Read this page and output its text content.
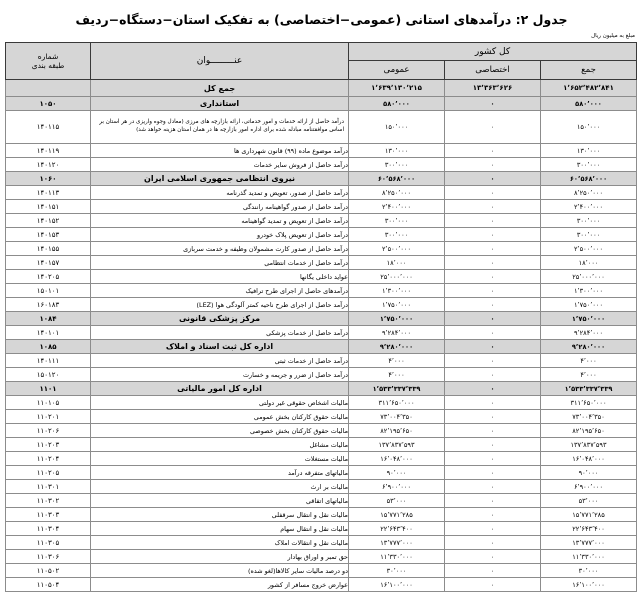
جدول ۲: درآمدهای استانی (عمومی−اختصاصی) به تفکیک استان−دستگاه−ردیف
مبلغ به میلیون ریال
کل کشور			عنـــــــــوان	شماره
طبقه بندی

جمع	اختصاصی	عمومی		
۱٬۶۵۲٬۴۸۲٬۸۴۱	۱۳٬۳۶۳٬۶۲۶	۱٬۶۳۹٬۱۳۰٬۲۱۵	جمع کل	
۵۸۰٬۰۰۰	۰	۵۸۰٬۰۰۰	استانداری	۱۰۵۰
۱۵۰٬۰۰۰	۰	۱۵۰٬۰۰۰	درآمد حاصل از ارائه خدمات و امور خدماتی، ارائه بازارچه های مرزی (معادل وجوه واریزی در هر استان بر اساس موافقتنامه مبادله شده برای اداره امور بازارچه ها در همان استان هزینه خواهد شد)	۱۴۰۱۱۵
۱۳۰٬۰۰۰	۰	۱۳۰٬۰۰۰	درآمد موضوع ماده (۹۹) قانون شهرداری ها	۱۴۰۱۱۹
۳۰۰٬۰۰۰	۰	۳۰۰٬۰۰۰	درآمد حاصل از فروش سایر خدمات	۱۴۰۱۲۰
۶۰٬۵۶۸٬۰۰۰	۰	۶۰٬۵۶۸٬۰۰۰	نیروی انتظامی جمهوری اسلامی ایران	۱۰۶۰
۸٬۲۵۰٬۰۰۰	۰	۸٬۲۵۰٬۰۰۰	درآمد حاصل از صدور، تعویض و تمدید گذرنامه	۱۴۰۱۱۳
۲٬۴۰۰٬۰۰۰	۰	۲٬۴۰۰٬۰۰۰	درآمد حاصل از صدور گواهینامه رانندگی	۱۴۰۱۵۱
۳۰۰٬۰۰۰	۰	۳۰۰٬۰۰۰	درآمد حاصل از تعویض و تمدید گواهینامه	۱۴۰۱۵۲
۳۰۰٬۰۰۰	۰	۳۰۰٬۰۰۰	درآمد حاصل از تعویض پلاک خودرو	۱۴۰۱۵۳
۲٬۵۰۰٬۰۰۰	۰	۲٬۵۰۰٬۰۰۰	درآمد حاصل از صدور کارت مشمولان وظیفه و خدمت سربازی	۱۴۰۱۵۵
۱۸٬۰۰۰	۰	۱۸٬۰۰۰	درآمد حاصل از خدمات انتظامی	۱۴۰۱۵۷
۲۵٬۰۰۰٬۰۰۰	۰	۲۵٬۰۰۰٬۰۰۰	عواید داخلی یگانها	۱۴۰۲۰۵
۱٬۳۰۰٬۰۰۰	۰	۱٬۳۰۰٬۰۰۰	درآمدهای حاصل از اجرای طرح ترافیک	۱۵۰۱۰۱
۱٬۷۵۰٬۰۰۰	۰	۱٬۷۵۰٬۰۰۰	درآمد حاصل از اجرای طرح ناحیه کمتر آلودگی هوا (LEZ)	۱۶۰۱۸۳
۱٬۷۵۰٬۰۰۰	۰	۱٬۷۵۰٬۰۰۰	مرکز پزشکی قانونی	۱۰۸۴
۹٬۲۸۴٬۰۰۰	۰	۹٬۲۸۴٬۰۰۰	درآمد حاصل از خدمات پزشکی	۱۴۰۱۰۱
۹٬۲۸۰٬۰۰۰	۰	۹٬۲۸۰٬۰۰۰	اداره کل ثبت اسناد و املاک	۱۰۸۵
۴٬۰۰۰	۰	۴٬۰۰۰	درآمد حاصل از خدمات ثبتی	۱۴۰۱۱۱
۴٬۰۰۰	۰	۴٬۰۰۰	درآمد حاصل از ضرر و جریمه و خسارت	۱۵۰۱۲۰
۱٬۵۳۳٬۳۳۷٬۳۳۹	۰	۱٬۵۳۳٬۳۳۷٬۳۳۹	اداره کل امور مالیاتی	۱۱۰۱
۳۱۱٬۶۵۰٬۰۰۰	۰	۳۱۱٬۶۵۰٬۰۰۰	مالیات اشخاص حقوقی غیر دولتی	۱۱۰۱۰۵
۷۳٬۰۰۴٬۳۵۰	۰	۷۳٬۰۰۴٬۳۵۰	مالیات حقوق کارکنان بخش عمومی	۱۱۰۲۰۱
۸۲٬۱۹۵٬۶۵۰	۰	۸۲٬۱۹۵٬۶۵۰	مالیات حقوق کارکنان بخش خصوصی	۱۱۰۲۰۶
۱۳۷٬۸۳۷٬۵۹۳	۰	۱۳۷٬۸۳۷٬۵۹۳	مالیات مشاغل	۱۱۰۲۰۳
۱۶٬۰۴۸٬۰۰۰	۰	۱۶٬۰۴۸٬۰۰۰	مالیات مستغلات	۱۱۰۲۰۴
۹۰٬۰۰۰	۰	۹۰٬۰۰۰	مالیاتهای متفرقه درآمد	۱۱۰۲۰۵
۶٬۹۰۰٬۰۰۰	۰	۶٬۹۰۰٬۰۰۰	مالیات بر ارث	۱۱۰۳۰۱
۵۳٬۰۰۰	۰	۵۳٬۰۰۰	مالیاتهای اتفاقی	۱۱۰۳۰۲
۱۵٬۷۷۱٬۲۸۵	۰	۱۵٬۷۷۱٬۲۸۵	مالیات نقل و انتقال سرقفلی	۱۱۰۳۰۳
۲۲٬۶۴۳٬۴۰۰	۰	۲۲٬۶۴۳٬۴۰۰	مالیات نقل و انتقال سهام	۱۱۰۳۰۴
۱۳٬۷۷۷٬۰۰۰	۰	۱۳٬۷۷۷٬۰۰۰	مالیات نقل و انتقالات املاک	۱۱۰۳۰۵
۱۱٬۳۳۰٬۰۰۰	۰	۱۱٬۳۳۰٬۰۰۰	حق تمبر و اوراق بهادار	۱۱۰۳۰۶
۳۰٬۰۰۰	۰	۳۰٬۰۰۰	دو درصد مالیات سایر کالاها(لغو شده)	۱۱۰۵۰۲
۱۶٬۱۰۰٬۰۰۰	۰	۱۶٬۱۰۰٬۰۰۰	عوارض خروج مسافر از کشور	۱۱۰۵۰۴
